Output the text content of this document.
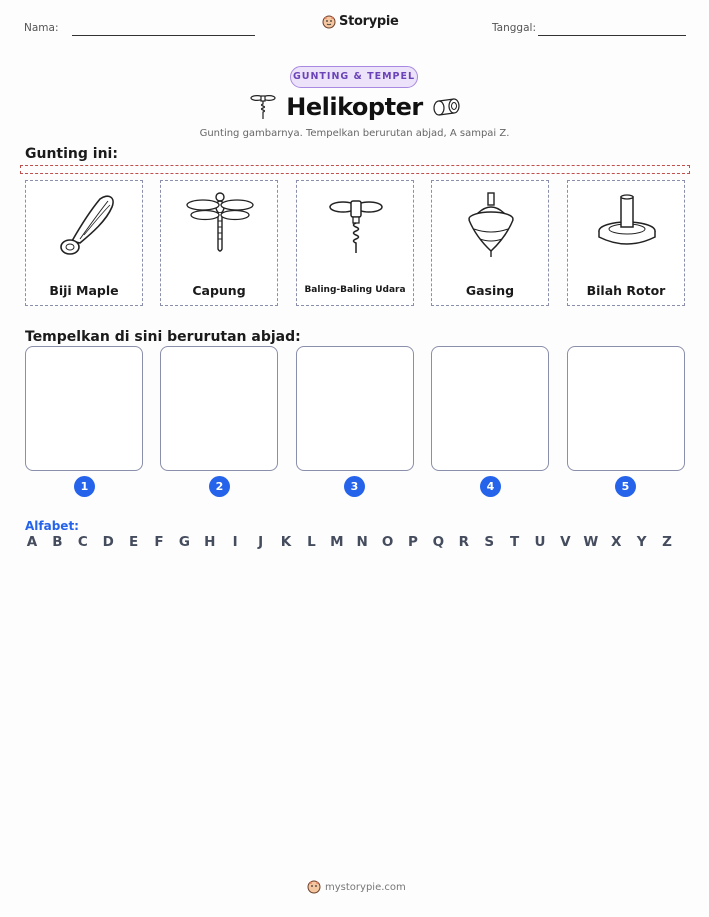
Nama:	Storypie	Tanggal:
GUNTING & TEMPEL
Helikopter
Gunting gambarnya. Tempelkan berurutan abjad, A sampai Z.
Gunting ini:
Biji Maple	Capung	Baling-Baling Udara	Gasing	Bilah Rotor
Tempelkan di sini berurutan abjad:
1	2	3	4	5
Alfabet:
A	B	C	D	E	F	G	H	I	J	K	L	M N	O	P	Q	R	S	T	U	V W X	Y	Z
mystorypie.com
